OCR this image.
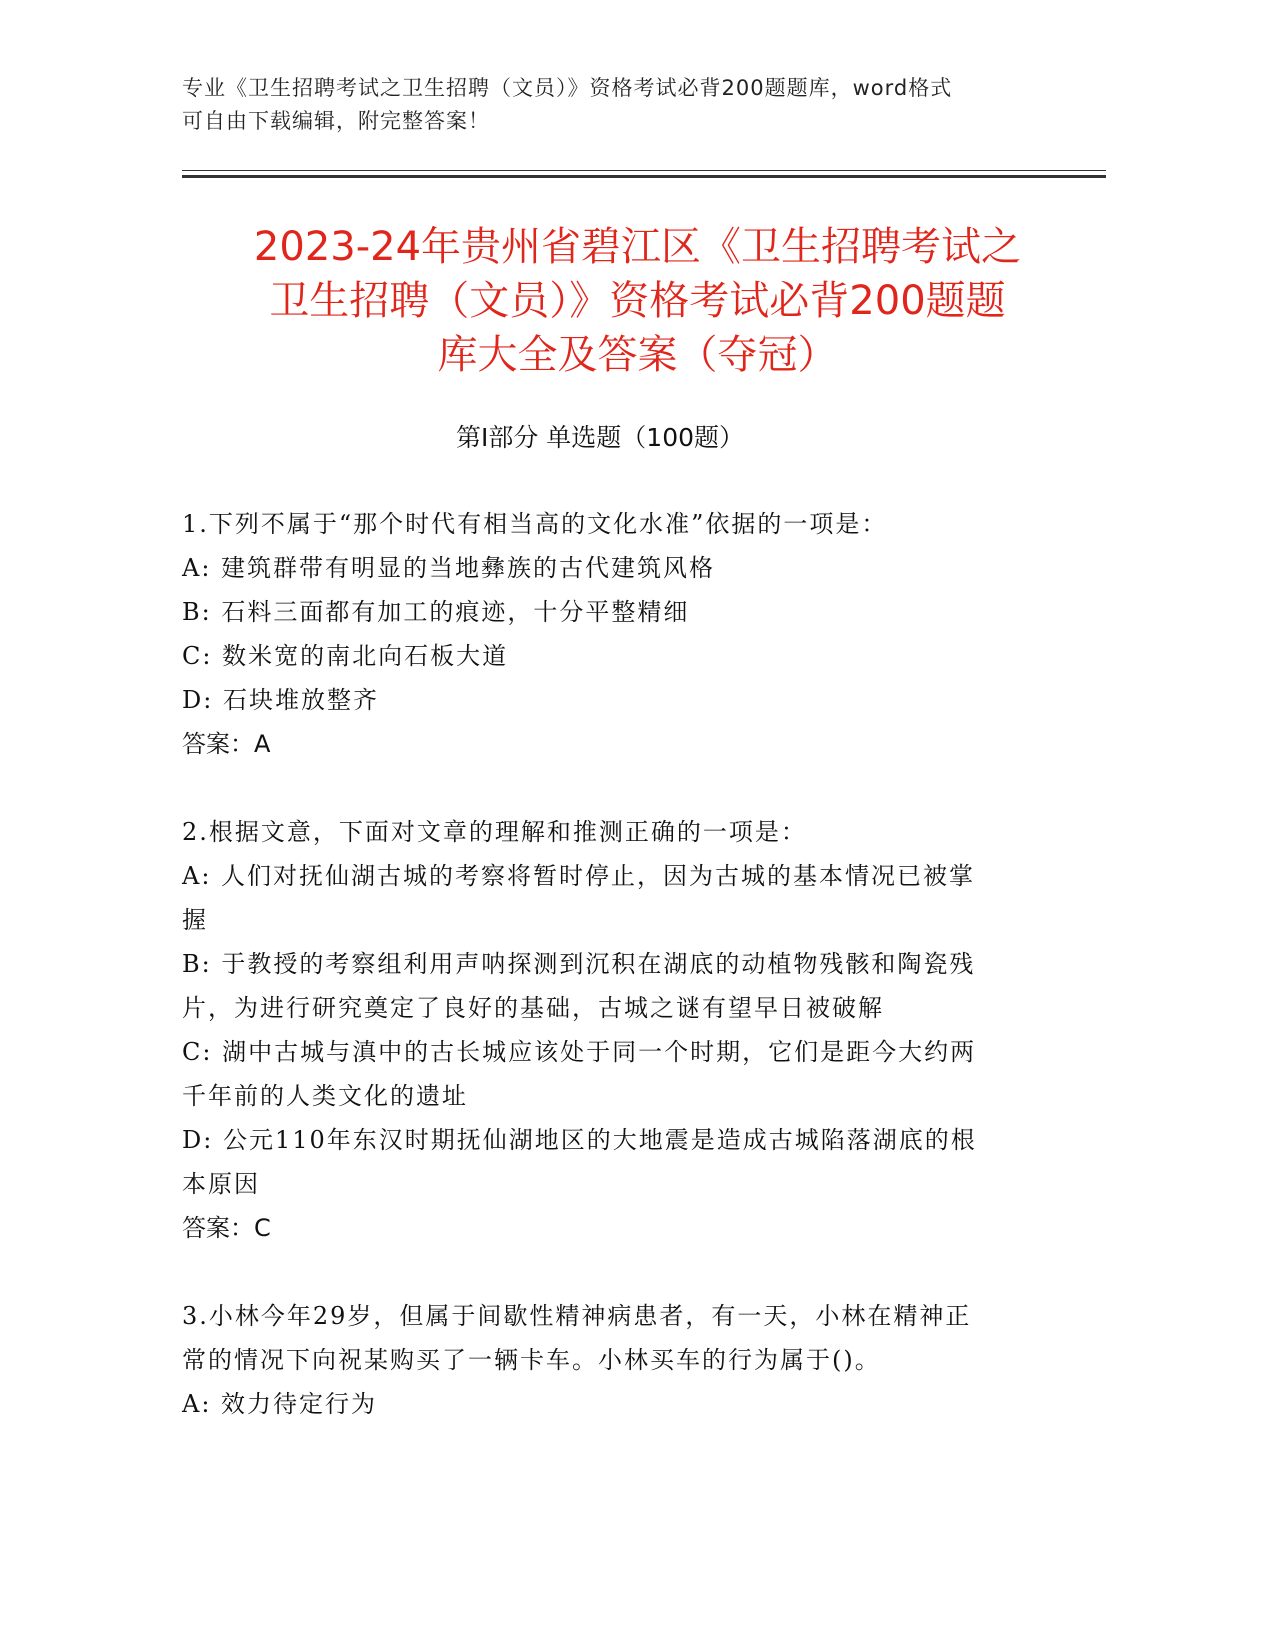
专业《卫生招聘考试之卫生招聘（文员）》资格考试必背200题题库，word格式
可自由下载编辑，附完整答案！
2023-24年贵州省碧江区《卫生招聘考试之
卫生招聘（文员）》资格考试必背200题题
库大全及答案（夺冠）
第Ⅰ部分 单选题（100题）

1.下列不属于“那个时代有相当高的文化水准”依据的一项是：

A: 建筑群带有明显的当地彝族的古代建筑风格

B: 石料三面都有加工的痕迹，十分平整精细

C: 数米宽的南北向石板大道

D: 石块堆放整齐

答案：A

2.根据文意，下面对文章的理解和推测正确的一项是：

A: 人们对抚仙湖古城的考察将暂时停止，因为古城的基本情况已被掌

握

B: 于教授的考察组利用声呐探测到沉积在湖底的动植物残骸和陶瓷残

片，为进行研究奠定了良好的基础，古城之谜有望早日被破解

C: 湖中古城与滇中的古长城应该处于同一个时期，它们是距今大约两

千年前的人类文化的遗址

D: 公元110年东汉时期抚仙湖地区的大地震是造成古城陷落湖底的根

本原因

答案：C

3.小林今年29岁，但属于间歇性精神病患者，有一天，小林在精神正

常的情况下向祝某购买了一辆卡车。小林买车的行为属于()。

A: 效力待定行为
